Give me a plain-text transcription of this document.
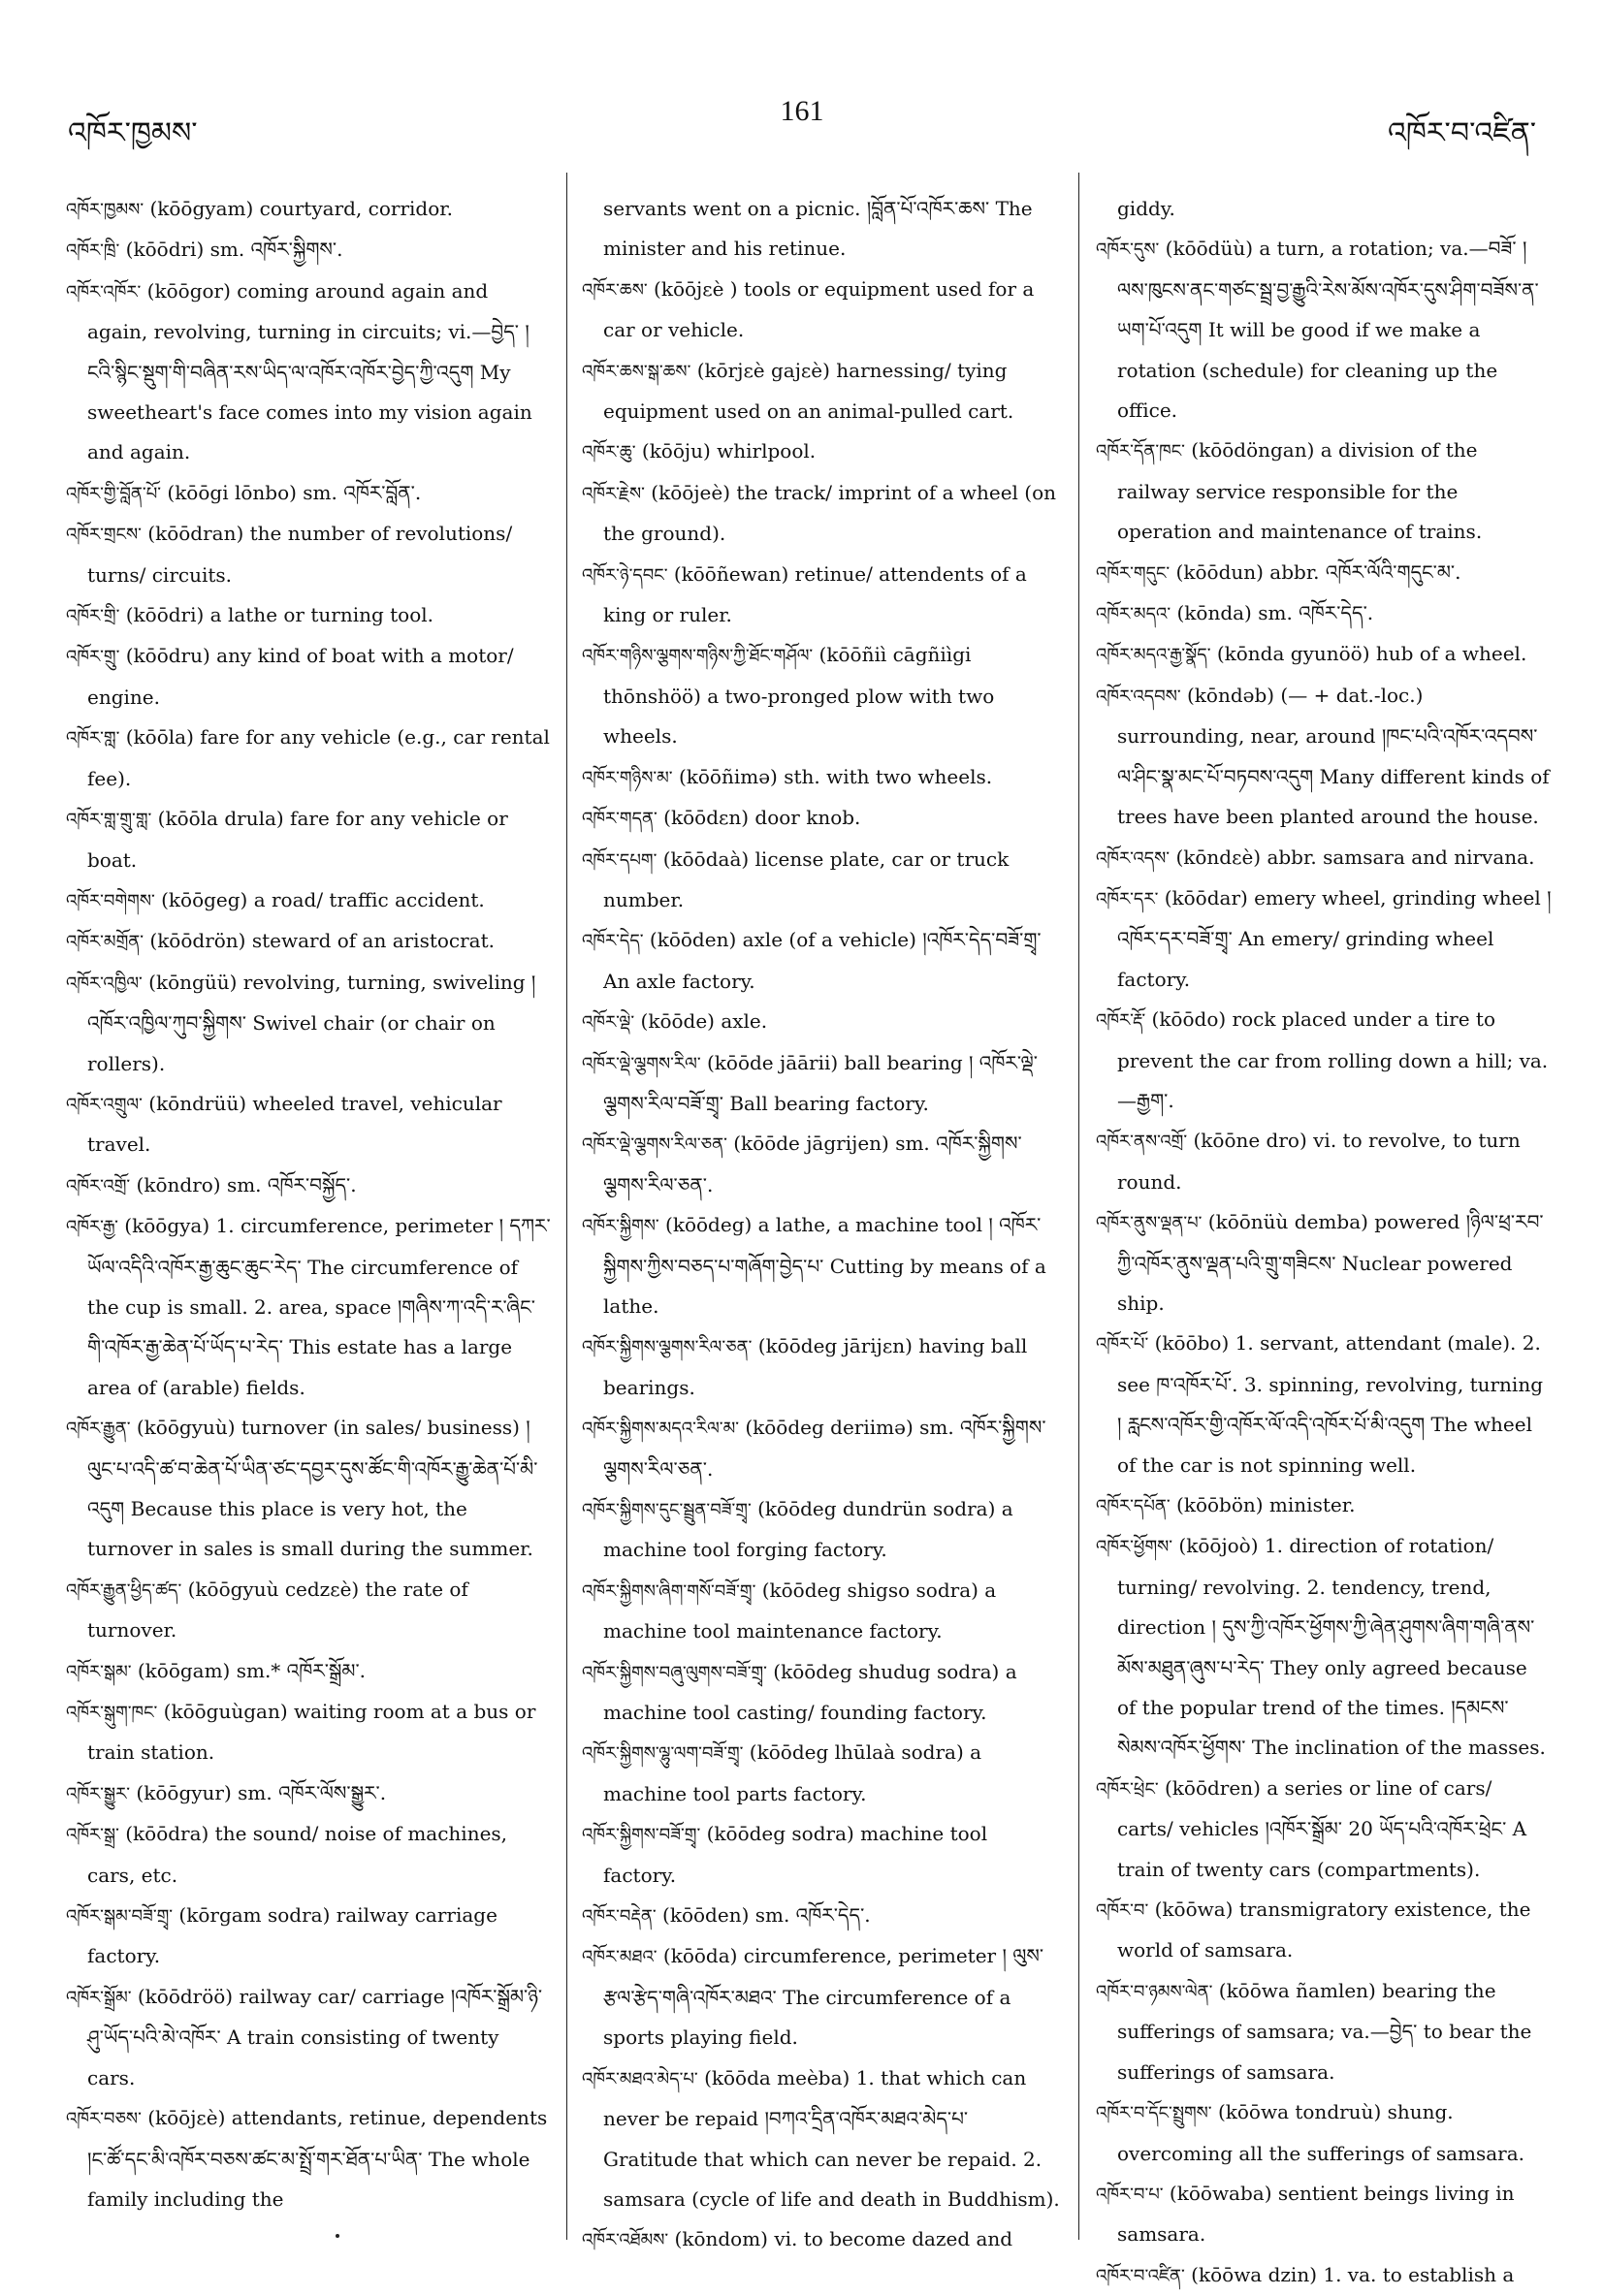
161
འཁོར་ཁྱམས་	འཁོར་བ་འཛིན་

འཁོར་ཁྱམས་ (kōōgyam) courtyard, corridor.

འཁོར་ཁྲི་ (kōōdri) sm. འཁོར་སྐྱིགས་.

འཁོར་འཁོར་ (kōōgor) coming around again and again, revolving, turning in circuits; vi.—བྱེད་ ། ངའི་སྙིང་སྡུག་གི་བཞིན་རས་ཡིད་ལ་འཁོར་འཁོར་བྱེད་ཀྱི་འདུག My sweetheart's face comes into my vision again and again.

འཁོར་གྱི་བློན་པོ་ (kōōgi lōnbo) sm. འཁོར་བློན་.

འཁོར་གྲངས་ (kōōdran) the number of revolutions/ turns/ circuits.

འཁོར་གྲི་ (kōōdri) a lathe or turning tool.

འཁོར་གྲུ་ (kōōdru) any kind of boat with a motor/ engine.

འཁོར་གླ་ (kōōla) fare for any vehicle (e.g., car rental fee).

འཁོར་གླ་གྲུ་གླ་ (kōōla drula) fare for any vehicle or boat.

འཁོར་བགེགས་ (kōōgeg) a road/ traffic accident.

འཁོར་མགྲོན་ (kōōdrön) steward of an aristocrat.

འཁོར་འཁྱིལ་ (kōngüü) revolving, turning, swiveling །འཁོར་འཁྱིལ་ཀུབ་སྐྱིགས་ Swivel chair (or chair on rollers).

འཁོར་འགྲུལ་ (kōndrüü) wheeled travel, vehicular travel.

འཁོར་འགྲོ་ (kōndro) sm. འཁོར་བསྐྱོད་.

འཁོར་རྒྱ་ (kōōgya) 1. circumference, perimeter ། དཀར་ཡོལ་འདིའི་འཁོར་རྒྱ་ཆུང་ཆུང་རེད་ The circumference of the cup is small. 2. area, space །གཞིས་ཀ་འདི་ར་ཞིང་གི་འཁོར་རྒྱ་ཆེན་པོ་ཡོད་པ་རེད་ This estate has a large area of (arable) fields.

འཁོར་རྒྱུན་ (kōōgyuù) turnover (in sales/ business) ། ལུང་པ་འདི་ཚ་བ་ཆེན་པོ་ཡིན་ཙང་དབྱར་དུས་ཚོང་གི་འཁོར་རྒྱུ་ཆེན་པོ་མི་འདུག Because this place is very hot, the turnover in sales is small during the summer.

འཁོར་རྒྱུན་ཕྱིད་ཚད་ (kōōgyuù cedzεè) the rate of turnover.

འཁོར་སྒམ་ (kōōgam) sm.* འཁོར་སྒྲོམ་.

འཁོར་སྒུག་ཁང་ (kōōguùgan) waiting room at a bus or train station.

འཁོར་སྒྱུར་ (kōōgyur) sm. འཁོར་ལོས་སྒྱུར་.

འཁོར་སྒྲ་ (kōōdra) the sound/ noise of machines, cars, etc.

འཁོར་སྒམ་བཟོ་གྲྭ་ (kōrgam sodra) railway carriage factory.

འཁོར་སྒྲོམ་ (kōōdröö) railway car/ carriage །འཁོར་སྒྲོམ་ཉི་ཤུ་ཡོད་པའི་མེ་འཁོར་ A train consisting of twenty cars.

འཁོར་བཅས་ (kōōjεè) attendants, retinue, dependents །ང་ཚོ་དང་མི་འཁོར་བཅས་ཚང་མ་སྤྲོ་གར་ཐོན་པ་ཡིན་ The whole family including the

servants went on a picnic. །བློན་པོ་འཁོར་ཆས་ The minister and his retinue.

འཁོར་ཆས་ (kōōjεè ) tools or equipment used for a car or vehicle.

འཁོར་ཆས་སྒ་ཆས་ (kōrjεè gajεè) harnessing/ tying equipment used on an animal-pulled cart.

འཁོར་ཆུ་ (kōōju) whirlpool.

འཁོར་རྗེས་ (kōōjeè) the track/ imprint of a wheel (on the ground).

འཁོར་ཉེ་དབང་ (kōōñewan) retinue/ attendents of a king or ruler.

འཁོར་གཉིས་ལྕགས་གཉིས་ཀྱི་ཐོང་གཤོལ་ (kōōñiì cāgñiìgi thōnshöö) a two-pronged plow with two wheels.

འཁོར་གཉིས་མ་ (kōōñimə) sth. with two wheels.

འཁོར་གདན་ (kōōdεn) door knob.

འཁོར་དཔག་ (kōōdaà) license plate, car or truck number.

འཁོར་དེད་ (kōōden) axle (of a vehicle) །འཁོར་དེད་བཟོ་གྲྭ་ An axle factory.

འཁོར་ལྡེ་ (kōōde) axle.

འཁོར་ལྡེ་ལྕགས་རིལ་ (kōōde jāārii) ball bearing ། འཁོར་ལྡེ་ལྕགས་རིལ་བཟོ་གྲྭ་ Ball bearing factory.

འཁོར་ལྡེ་ལྕགས་རིལ་ཅན་ (kōōde jāgrijen) sm. འཁོར་སྐྱིགས་ལྕགས་རིལ་ཅན་.

འཁོར་སྐྱིགས་ (kōōdeg) a lathe, a machine tool ། འཁོར་སྐྱིགས་ཀྱིས་བཅད་པ་གཞོག་བྱེད་པ་ Cutting by means of a lathe.

འཁོར་སྐྱིགས་ལྕགས་རིལ་ཅན་ (kōōdeg jārijεn) having ball bearings.

འཁོར་སྐྱིགས་མདའ་རིལ་མ་ (kōōdeg deriimə) sm. འཁོར་སྐྱིགས་ལྕགས་རིལ་ཅན་.

འཁོར་སྐྱིགས་དུང་སྦྲུན་བཟོ་གྲྭ་ (kōōdeg dundrün sodra) a machine tool forging factory.

འཁོར་སྐྱིགས་ཞིག་གསོ་བཟོ་གྲྭ་ (kōōdeg shigso sodra) a machine tool maintenance factory.

འཁོར་སྐྱིགས་བཞུ་ལུགས་བཟོ་གྲྭ་ (kōōdeg shudug sodra) a machine tool casting/ founding factory.

འཁོར་སྐྱིགས་ལྷུ་ལག་བཟོ་གྲྭ་ (kōōdeg lhūlaà sodra) a machine tool parts factory.

འཁོར་སྐྱིགས་བཟོ་གྲྭ་ (kōōdeg sodra) machine tool factory.

འཁོར་བརྡེན་ (kōōden) sm. འཁོར་དེད་.

འཁོར་མཐའ་ (kōōda) circumference, perimeter ། ལུས་རྩལ་རྩེད་གཞི་འཁོར་མཐའ་ The circumference of a sports playing field.

འཁོར་མཐའ་མེད་པ་ (kōōda meèba) 1. that which can never be repaid །བཀའ་དྲིན་འཁོར་མཐའ་མེད་པ་ Gratitude that which can never be repaid. 2. samsara (cycle of life and death in Buddhism).

འཁོར་འཐོམས་ (kōndom) vi. to become dazed and

giddy.

འཁོར་དུས་ (kōōdüù) a turn, a rotation; va.—བཟོ་ ། ལས་ཁུངས་ནང་གཙང་སྦྲ་བྱ་རྒྱུའི་རེས་མོས་འཁོར་དུས་ཤིག་བཟོས་ན་ཡག་པོ་འདུག It will be good if we make a rotation (schedule) for cleaning up the office.

འཁོར་དོན་ཁང་ (kōōdöngan) a division of the railway service responsible for the operation and maintenance of trains.

འཁོར་གདུང་ (kōōdun) abbr. འཁོར་ལོའི་གདུང་མ་.

འཁོར་མདའ་ (kōnda) sm. འཁོར་དེད་.

འཁོར་མདའ་རྒྱ་སྣོད་ (kōnda gyunöö) hub of a wheel.

འཁོར་འདབས་ (kōndəb) (— + dat.-loc.) surrounding, near, around །ཁང་པའི་འཁོར་འདབས་ལ་ཤིང་སྣ་མང་པོ་བཏབས་འདུག Many different kinds of trees have been planted around the house.

འཁོར་འདས་ (kōndεè) abbr. samsara and nirvana.

འཁོར་དར་ (kōōdar) emery wheel, grinding wheel ། འཁོར་དར་བཟོ་གྲྭ་ An emery/ grinding wheel factory.

འཁོར་རྡོ་ (kōōdo) rock placed under a tire to prevent the car from rolling down a hill; va.—རྒྱག་.

འཁོར་ནས་འགྲོ་ (kōōne dro) vi. to revolve, to turn round.

འཁོར་ནུས་ལྡན་པ་ (kōōnüù demba) powered །ཉིལ་ཕྲ་རབ་ཀྱི་འཁོར་ནུས་ལྡན་པའི་གྲུ་གཟིངས་ Nuclear powered ship.

འཁོར་པོ་ (kōōbo) 1. servant, attendant (male). 2. see ཁ་འཁོར་པོ་. 3. spinning, revolving, turning ། རླངས་འཁོར་གྱི་འཁོར་ལོ་འདི་འཁོར་པོ་མི་འདུག The wheel of the car is not spinning well.

འཁོར་དཔོན་ (kōōbön) minister.

འཁོར་ཕྱོགས་ (kōōjoò) 1. direction of rotation/ turning/ revolving. 2. tendency, trend, direction ། དུས་ཀྱི་འཁོར་ཕྱོགས་ཀྱི་ཞེན་ཤུགས་ཞིག་གཞི་ནས་མོས་མཐུན་ཞུས་པ་རེད་ They only agreed because of the popular trend of the times. །དམངས་སེམས་འཁོར་ཕྱོགས་ The inclination of the masses.

འཁོར་ཕྲེང་ (kōōdren) a series or line of cars/ carts/ vehicles །འཁོར་སྒྲོམ་ 20 ཡོད་པའི་འཁོར་ཕྲེང་ A train of twenty cars (compartments).

འཁོར་བ་ (kōōwa) transmigratory existence, the world of samsara.

འཁོར་བ་ཉམས་ལེན་ (kōōwa ñamlen) bearing the sufferings of samsara; va.—བྱེད་ to bear the sufferings of samsara.

འཁོར་བ་དོང་སྤྲུགས་ (kōōwa tondruù) shung. overcoming all the sufferings of samsara.

འཁོར་བ་པ་ (kōōwaba) sentient beings living in samsara.

འཁོར་བ་འཛིན་ (kōōwa dzin) 1. va. to establish a
